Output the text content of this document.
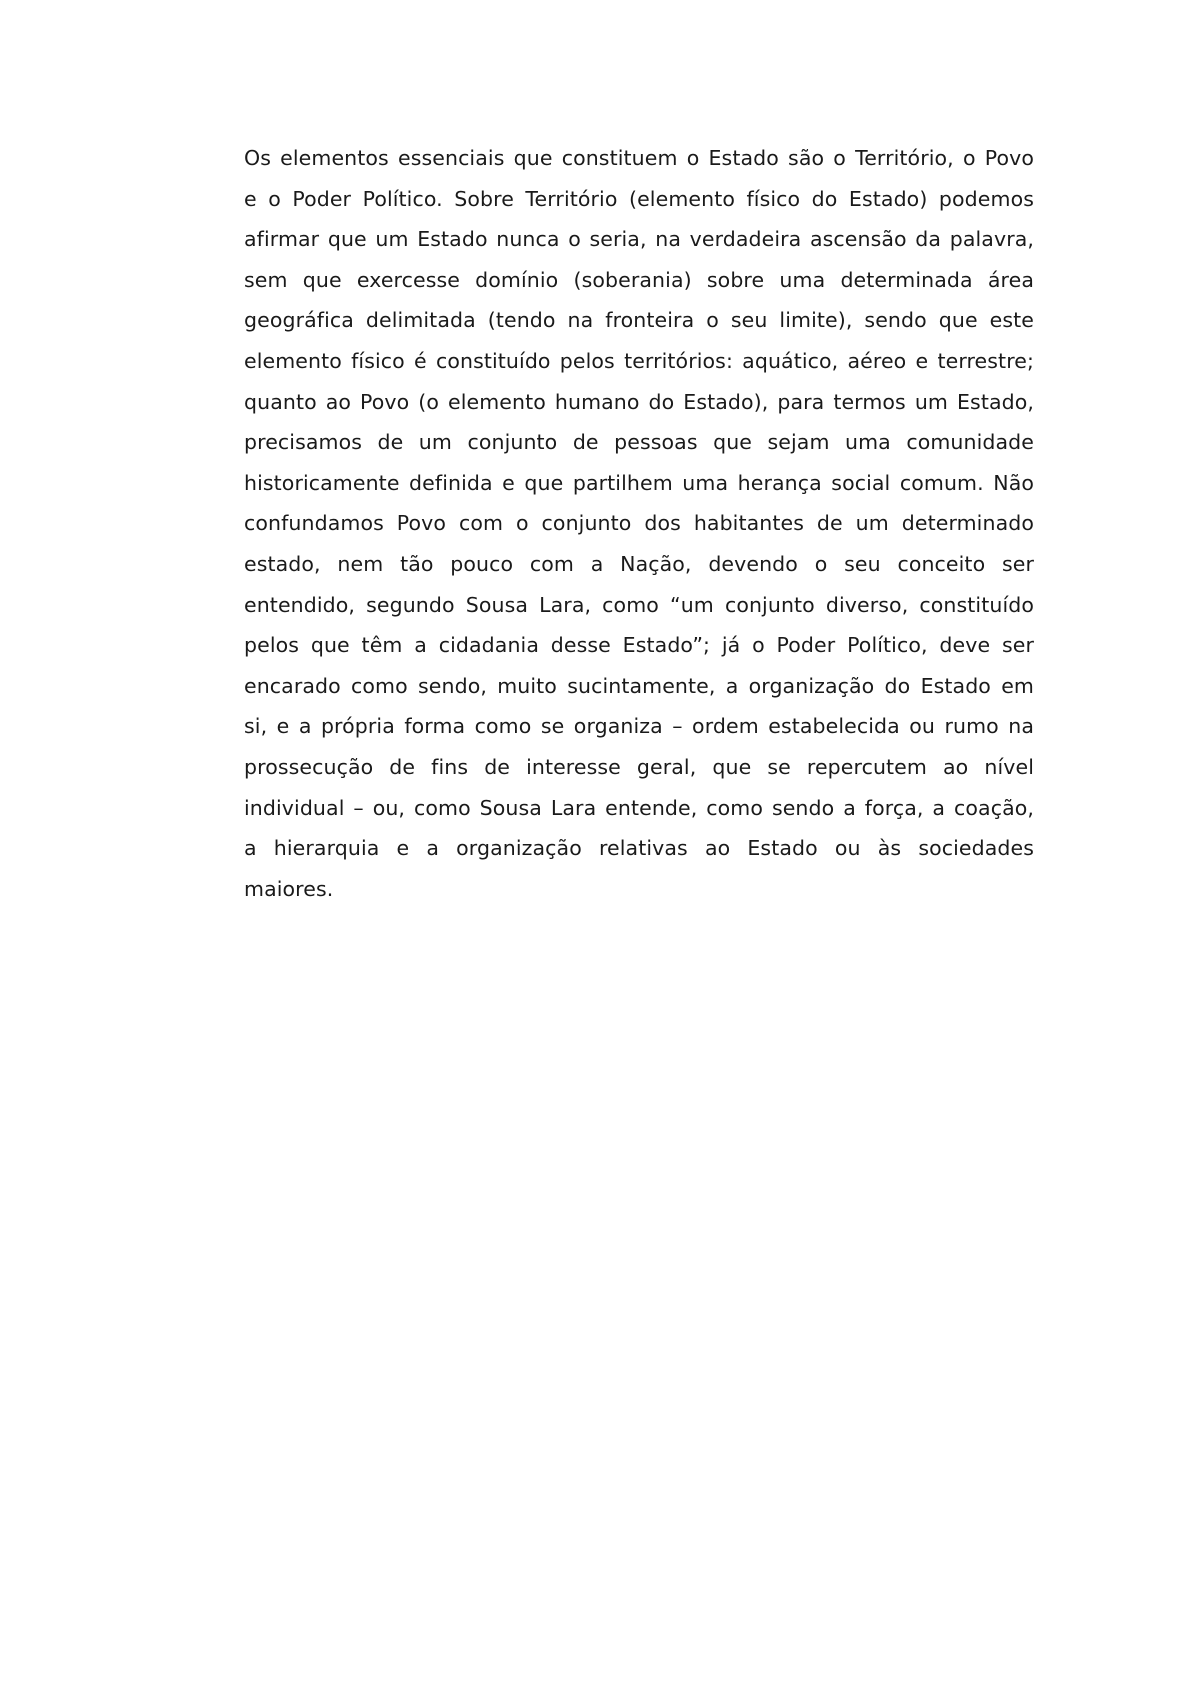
Os elementos essenciais que constituem o Estado são o Território, o Povo e o Poder Político. Sobre Território (elemento físico do Estado) podemos afirmar que um Estado nunca o seria, na verdadeira ascensão da palavra, sem que exercesse domínio (soberania) sobre uma determinada área geográfica delimitada (tendo na fronteira o seu limite), sendo que este elemento físico é constituído pelos territórios: aquático, aéreo e terrestre; quanto ao Povo (o elemento humano do Estado), para termos um Estado, precisamos de um conjunto de pessoas que sejam uma comunidade historicamente definida e que partilhem uma herança social comum. Não confundamos Povo com o conjunto dos habitantes de um determinado estado, nem tão pouco com a Nação, devendo o seu conceito ser entendido, segundo Sousa Lara, como “um conjunto diverso, constituído pelos que têm a cidadania desse Estado”; já o Poder Político, deve ser encarado como sendo, muito sucintamente, a organização do Estado em si, e a própria forma como se organiza – ordem estabelecida ou rumo na prossecução de fins de interesse geral, que se repercutem ao nível individual – ou, como Sousa Lara entende, como sendo a força, a coação, a hierarquia e a organização relativas ao Estado ou às sociedades maiores.
